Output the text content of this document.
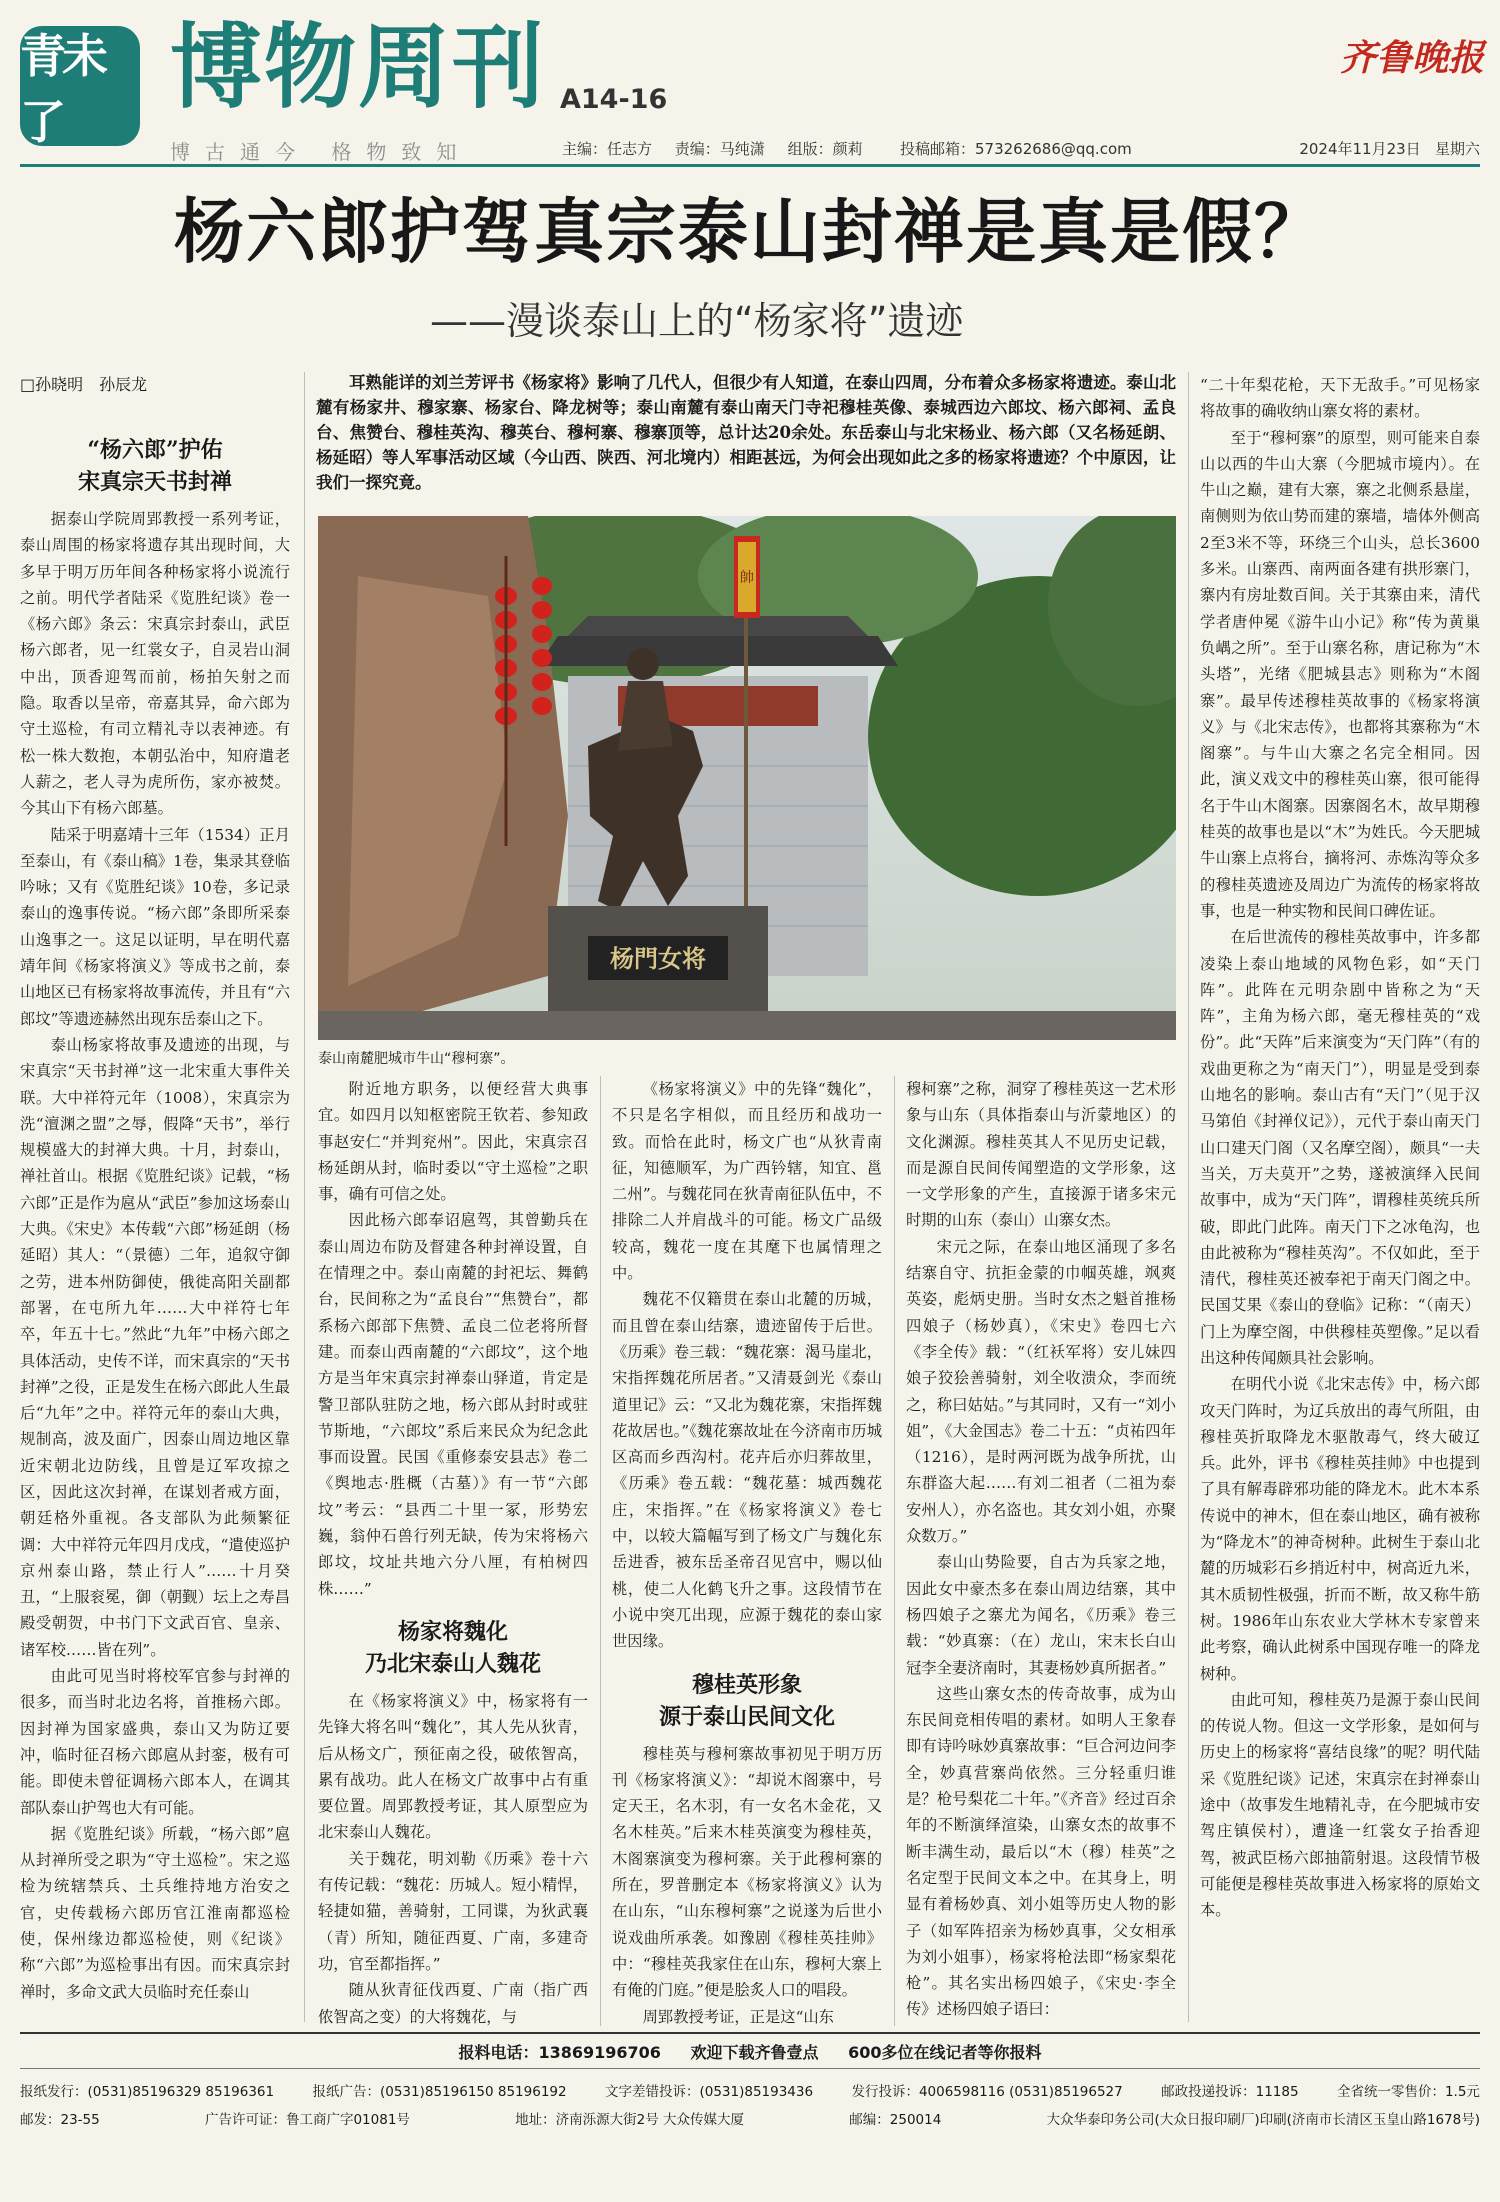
青未了
博物周刊 A14-16
齐鲁晚报
博古通今 格物致知	主编：任志方 责编：马纯潇 组版：颜莉	投稿邮箱：573262686@qq.com	2024年11月23日 星期六
杨六郎护驾真宗泰山封禅是真是假？
——漫谈泰山上的“杨家将”遗迹
□孙晓明　孙辰龙

“杨六郎”护佑

宋真宗天书封禅

据泰山学院周郢教授一系列考证，泰山周围的杨家将遗存其出现时间，大多早于明万历年间各种杨家将小说流行之前。明代学者陆采《览胜纪谈》卷一《杨六郎》条云：宋真宗封泰山，武臣杨六郎者，见一红裳女子，自灵岩山洞中出，顶香迎驾而前，杨拍矢射之而隐。取香以呈帝，帝嘉其异，命六郎为守土巡检，有司立精礼寺以表神迹。有松一株大数抱，本朝弘治中，知府遣老人薪之，老人寻为虎所伤，家亦被焚。今其山下有杨六郎墓。

陆采于明嘉靖十三年（1534）正月至泰山，有《泰山稿》1卷，集录其登临吟咏；又有《览胜纪谈》10卷，多记录泰山的逸事传说。“杨六郎”条即所采泰山逸事之一。这足以证明，早在明代嘉靖年间《杨家将演义》等成书之前，泰山地区已有杨家将故事流传，并且有“六郎坟”等遗迹赫然出现东岳泰山之下。

泰山杨家将故事及遗迹的出现，与宋真宗“天书封禅”这一北宋重大事件关联。大中祥符元年（1008），宋真宗为洗“澶渊之盟”之辱，假降“天书”，举行规模盛大的封禅大典。十月，封泰山，禅社首山。根据《览胜纪谈》记载，“杨六郎”正是作为扈从“武臣”参加这场泰山大典。《宋史》本传载“六郎”杨延朗（杨延昭）其人：“（景德）二年，追叙守御之劳，进本州防御使，俄徙高阳关副都部署，在屯所九年……大中祥符七年卒，年五十七。”然此“九年”中杨六郎之具体活动，史传不详，而宋真宗的“天书封禅”之役，正是发生在杨六郎此人生最后“九年”之中。祥符元年的泰山大典，规制高，波及面广，因泰山周边地区靠近宋朝北边防线，且曾是辽军攻掠之区，因此这次封禅，在谋划者戒方面，朝廷格外重视。各支部队为此频繁征调：大中祥符元年四月戊戌，“遣使巡护京州泰山路，禁止行人”……十月癸丑，“上服衮冕，御（朝觐）坛上之寿昌殿受朝贺，中书门下文武百官、皇亲、诸军校……皆在列”。

由此可见当时将校军官参与封禅的很多，而当时北边名将，首推杨六郎。因封禅为国家盛典，泰山又为防辽要冲，临时征召杨六郎扈从封銮，极有可能。即使未曾征调杨六郎本人，在调其部队泰山护驾也大有可能。

据《览胜纪谈》所载，“杨六郎”扈从封禅所受之职为“守土巡检”。宋之巡检为统辖禁兵、土兵维持地方治安之官，史传载杨六郎历官江淮南都巡检使，保州缘边都巡检使，则《纪谈》称“六郎”为巡检事出有因。而宋真宗封禅时，多命文武大员临时充任泰山

耳熟能详的刘兰芳评书《杨家将》影响了几代人，但很少有人知道，在泰山四周，分布着众多杨家将遗迹。泰山北麓有杨家井、穆家寨、杨家台、降龙树等；泰山南麓有泰山南天门寺祀穆桂英像、泰城西边六郎坟、杨六郎祠、孟良台、焦赞台、穆桂英沟、穆英台、穆柯寨、穆寨顶等，总计达20余处。东岳泰山与北宋杨业、杨六郎（又名杨延朗、杨延昭）等人军事活动区域（今山西、陕西、河北境内）相距甚远，为何会出现如此之多的杨家将遗迹？个中原因，让我们一探究竟。

帥
杨門女将
泰山南麓肥城市牛山“穆柯寨”。

附近地方职务，以便经营大典事宜。如四月以知枢密院王钦若、参知政事赵安仁“并判兖州”。因此，宋真宗召杨延朗从封，临时委以“守土巡检”之职事，确有可信之处。

因此杨六郎奉诏扈驾，其曾勤兵在泰山周边布防及督建各种封禅设置，自在情理之中。泰山南麓的封祀坛、舞鹤台，民间称之为“孟良台”“焦赞台”，都系杨六郎部下焦赞、孟良二位老将所督建。而泰山西南麓的“六郎坟”，这个地方是当年宋真宗封禅泰山驿道，肯定是警卫部队驻防之地，杨六郎从封时或驻节斯地，“六郎坟”系后来民众为纪念此事而设置。民国《重修泰安县志》卷二《舆地志·胜概（古墓）》有一节“六郎坟”考云：“县西二十里一冢，形势宏巍，翁仲石兽行列无缺，传为宋将杨六郎坟，坟址共地六分八厘，有柏树四株……”

杨家将魏化

乃北宋泰山人魏花

在《杨家将演义》中，杨家将有一先锋大将名叫“魏化”，其人先从狄青，后从杨文广，预征南之役，破侬智高，累有战功。此人在杨文广故事中占有重要位置。周郢教授考证，其人原型应为北宋泰山人魏花。

关于魏花，明刘勒《历乘》卷十六有传记载：“魏花：历城人。短小精悍，轻捷如猫，善骑射，工同谍，为狄武襄（青）所知，随征西夏、广南，多建奇功，官至都指挥。”

随从狄青征伐西夏、广南（指广西侬智高之变）的大将魏花，与

《杨家将演义》中的先锋“魏化”，不只是名字相似，而且经历和战功一致。而恰在此时，杨文广也“从狄青南征，知德顺军，为广西钤辖，知宜、邕二州”。与魏花同在狄青南征队伍中，不排除二人并肩战斗的可能。杨文广品级较高，魏花一度在其麾下也属情理之中。

魏花不仅籍贯在泰山北麓的历城，而且曾在泰山结寨，遗迹留传于后世。《历乘》卷三载：“魏花寨：渴马崖北，宋指挥魏花所居者。”又清聂剑光《泰山道里记》云：“又北为魏花寨，宋指挥魏花故居也。”《魏花寨故址在今济南市历城区高而乡西沟村。花卉后亦归葬故里，《历乘》卷五载：“魏花墓：城西魏花庄，宋指挥。”在《杨家将演义》卷七中，以较大篇幅写到了杨文广与魏化东岳进香，被东岳圣帝召见宫中，赐以仙桃，使二人化鹤飞升之事。这段情节在小说中突兀出现，应源于魏花的泰山家世因缘。

穆桂英形象

源于泰山民间文化

穆桂英与穆柯寨故事初见于明万历刊《杨家将演义》：“却说木阁寨中，号定天王，名木羽，有一女名木金花，又名木桂英。”后来木桂英演变为穆桂英，木阁寨演变为穆柯寨。关于此穆柯寨的所在，罗普删定本《杨家将演义》认为在山东，“山东穆柯寨”之说遂为后世小说戏曲所承袭。如豫剧《穆桂英挂帅》中：“穆桂英我家住在山东，穆柯大寨上有俺的门庭。”便是脍炙人口的唱段。

周郢教授考证，正是这“山东

穆柯寨”之称，洞穿了穆桂英这一艺术形象与山东（具体指泰山与沂蒙地区）的文化渊源。穆桂英其人不见历史记载，而是源自民间传闻塑造的文学形象，这一文学形象的产生，直接源于诸多宋元时期的山东（泰山）山寨女杰。

宋元之际，在泰山地区涌现了多名结寨自守、抗拒金蒙的巾帼英雄，飒爽英姿，彪炳史册。当时女杰之魁首推杨四娘子（杨妙真），《宋史》卷四七六《李全传》载：“（红袄军将）安儿妹四娘子狡狯善骑射，刘全收溃众，李而统之，称曰姑姑。”与其同时，又有一“刘小姐”，《大金国志》卷二十五：“贞祐四年（1216），是时两河既为战争所扰，山东群盗大起……有刘二祖者（二祖为泰安州人），亦名盗也。其女刘小姐，亦聚众数万。”

泰山山势险要，自古为兵家之地，因此女中豪杰多在泰山周边结寨，其中杨四娘子之寨尤为闻名，《历乘》卷三载：“妙真寨：（在）龙山，宋末长白山冠李全妻济南时，其妻杨妙真所据者。”

这些山寨女杰的传奇故事，成为山东民间竞相传唱的素材。如明人王象春即有诗吟咏妙真寨故事：“巨合河边问李全，妙真营寨尚依然。三分轻重归谁是？枪号梨花二十年。”《齐音》经过百余年的不断演绎渲染，山寨女杰的故事不断丰满生动，最后以“木（穆）桂英”之名定型于民间文本之中。在其身上，明显有着杨妙真、刘小姐等历史人物的影子（如军阵招亲为杨妙真事，父女相承为刘小姐事），杨家将枪法即“杨家梨花枪”。其名实出杨四娘子，《宋史·李全传》述杨四娘子语曰：

“二十年梨花枪，天下无敌手。”可见杨家将故事的确收纳山寨女将的素材。

至于“穆柯寨”的原型，则可能来自泰山以西的牛山大寨（今肥城市境内）。在牛山之巅，建有大寨，寨之北侧系悬崖，南侧则为依山势而建的寨墙，墙体外侧高2至3米不等，环绕三个山头，总长3600多米。山寨西、南两面各建有拱形寨门，寨内有房址数百间。关于其寨由来，清代学者唐仲冕《游牛山小记》称“传为黄巢负嵎之所”。至于山寨名称，唐记称为“木头塔”，光绪《肥城县志》则称为“木阁寨”。最早传述穆桂英故事的《杨家将演义》与《北宋志传》，也都将其寨称为“木阁寨”。与牛山大寨之名完全相同。因此，演义戏文中的穆桂英山寨，很可能得名于牛山木阁寨。因寨阁名木，故早期穆桂英的故事也是以“木”为姓氏。今天肥城牛山寨上点将台，摘将河、赤炼沟等众多的穆桂英遗迹及周边广为流传的杨家将故事，也是一种实物和民间口碑佐证。

在后世流传的穆桂英故事中，许多都凌染上泰山地域的风物色彩，如“天门阵”。此阵在元明杂剧中皆称之为“天阵”，主角为杨六郎，毫无穆桂英的“戏份”。此“天阵”后来演变为“天门阵”（有的戏曲更称之为“南天门”），明显是受到泰山地名的影响。泰山古有“天门”（见于汉马第伯《封禅仪记》），元代于泰山南天门山口建天门阁（又名摩空阁），颇具“一夫当关，万夫莫开”之势，遂被演绎入民间故事中，成为“天门阵”，谓穆桂英统兵所破，即此门此阵。南天门下之冰龟沟，也由此被称为“穆桂英沟”。不仅如此，至于清代，穆桂英还被奉祀于南天门阁之中。民国艾果《泰山的登临》记称：“（南天）门上为摩空阁，中供穆桂英塑像。”足以看出这种传闻颇具社会影响。

在明代小说《北宋志传》中，杨六郎攻天门阵时，为辽兵放出的毒气所阻，由穆桂英折取降龙木驱散毒气，终大破辽兵。此外，评书《穆桂英挂帅》中也提到了具有解毒辟邪功能的降龙木。此木本系传说中的神木，但在泰山地区，确有被称为“降龙木”的神奇树种。此树生于泰山北麓的历城彩石乡捎近村中，树高近九米，其木质韧性极强，折而不断，故又称牛筋树。1986年山东农业大学林木专家曾来此考察，确认此树系中国现存唯一的降龙树种。

由此可知，穆桂英乃是源于泰山民间的传说人物。但这一文学形象，是如何与历史上的杨家将“喜结良缘”的呢？明代陆采《览胜纪谈》记述，宋真宗在封禅泰山途中（故事发生地精礼寺，在今肥城市安驾庄镇侯村），遭逢一红裳女子抬香迎驾，被武臣杨六郎抽箭射退。这段情节极可能便是穆桂英故事进入杨家将的原始文本。

报料电话：13869196706 欢迎下载齐鲁壹点 600多位在线记者等你报料
报纸发行：(0531)85196329 85196361	报纸广告：(0531)85196150 85196192	文字差错投诉：(0531)85193436	发行投诉：4006598116 (0531)85196527	邮政投递投诉：11185	全省统一零售价：1.5元
邮发：23-55	广告许可证：鲁工商广字01081号	地址：济南泺源大街2号 大众传媒大厦	邮编：250014	大众华泰印务公司(大众日报印刷厂)印刷(济南市长清区玉皇山路1678号)
